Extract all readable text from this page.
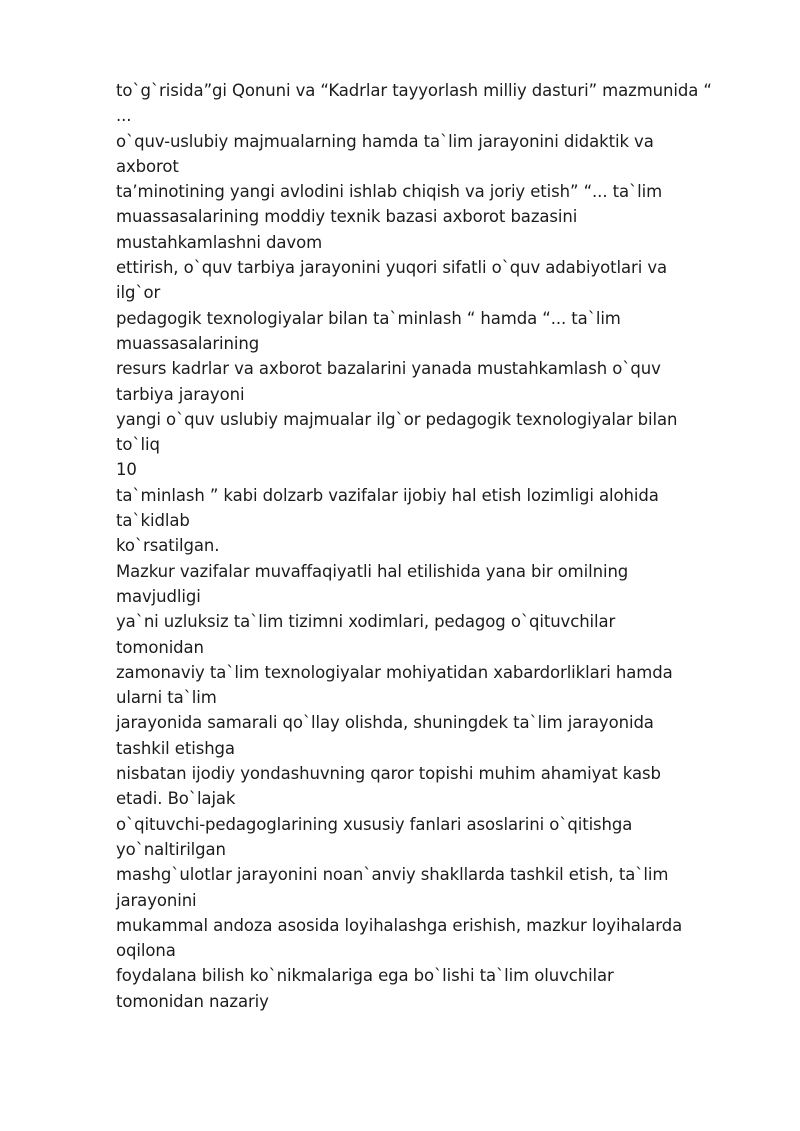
to`g`risida”gi Qonuni va “Kadrlar tayyorlash milliy dasturi” mazmunida “
...
o`quv-uslubiy majmualarning hamda ta`lim jarayonini didaktik va
axborot
ta’minotining yangi avlodini ishlab chiqish va joriy etish” “... ta`lim
muassasalarining moddiy texnik bazasi axborot bazasini
mustahkamlashni davom
ettirish, o`quv tarbiya jarayonini yuqori sifatli o`quv adabiyotlari va
ilg`or
pedagogik texnologiyalar bilan ta`minlash “ hamda “... ta`lim
muassasalarining
resurs kadrlar va axborot bazalarini yanada mustahkamlash o`quv
tarbiya jarayoni
yangi o`quv uslubiy majmualar ilg`or pedagogik texnologiyalar bilan
to`liq
10
ta`minlash ” kabi dolzarb vazifalar ijobiy hal etish lozimligi alohida
ta`kidlab
ko`rsatilgan.
Mazkur vazifalar muvaffaqiyatli hal etilishida yana bir omilning
mavjudligi
ya`ni uzluksiz ta`lim tizimni xodimlari, pedagog o`qituvchilar
tomonidan
zamonaviy ta`lim texnologiyalar mohiyatidan xabardorliklari hamda
ularni ta`lim
jarayonida samarali qo`llay olishda, shuningdek ta`lim jarayonida
tashkil etishga
nisbatan ijodiy yondashuvning qaror topishi muhim ahamiyat kasb
etadi. Bo`lajak
o`qituvchi-pedagoglarining xususiy fanlari asoslarini o`qitishga
yo`naltirilgan
mashg`ulotlar jarayonini noan`anviy shakllarda tashkil etish, ta`lim
jarayonini
mukammal andoza asosida loyihalashga erishish, mazkur loyihalarda
oqilona
foydalana bilish ko`nikmalariga ega bo`lishi ta`lim oluvchilar
tomonidan nazariy
